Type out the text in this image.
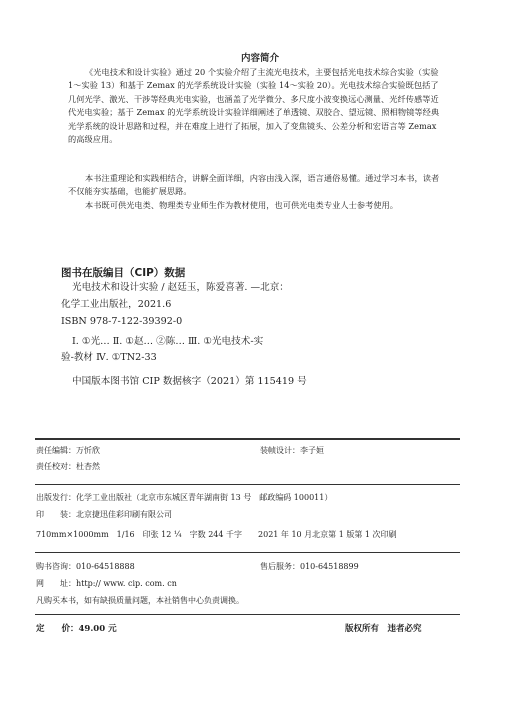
内容简介
《光电技术和设计实验》通过 20 个实验介绍了主流光电技术，主要包括光电技术综合实验（实验 1～实验 13）和基于 Zemax 的光学系统设计实验（实验 14～实验 20）。光电技术综合实验既包括了几何光学、激光、干涉等经典光电实验，也涵盖了光学微分、多尺度小波变换远心测量、光纤传感等近代光电实验；基于 Zemax 的光学系统设计实验详细阐述了单透镜、双胶合、望远镜、照相物镜等经典光学系统的设计思路和过程，并在难度上进行了拓展，加入了变焦镜头、公差分析和宏语言等 Zemax 的高级应用。
本书注重理论和实践相结合，讲解全面详细，内容由浅入深，语言通俗易懂。通过学习本书，读者不仅能夯实基础，也能扩展思路。
本书既可供光电类、物理类专业师生作为教材使用，也可供光电类专业人士参考使用。
图书在版编目（CIP）数据
光电技术和设计实验 / 赵廷玉，陈爱喜著. —北京：
化学工业出版社，2021.6
ISBN 978-7-122-39392-0
Ⅰ. ①光… Ⅱ. ①赵… ②陈… Ⅲ. ①光电技术-实
验-教材 Ⅳ. ①TN2-33
中国版本图书馆 CIP 数据核字（2021）第 115419 号
责任编辑：万忻欣	装帧设计：李子姮
责任校对：杜杏然
出版发行：化学工业出版社（北京市东城区青年湖南街 13 号　邮政编码 100011）
印　　装：北京捷迅佳彩印刷有限公司
710mm×1000mm　1/16　印张 12 ¼　字数 244 千字　　2021 年 10 月北京第 1 版第 1 次印刷
购书咨询：010-64518888	售后服务：010-64518899
网　　址：http:// www. cip. com. cn
凡购买本书，如有缺损质量问题，本社销售中心负责调换。
定　　价：49.00 元	版权所有　违者必究
